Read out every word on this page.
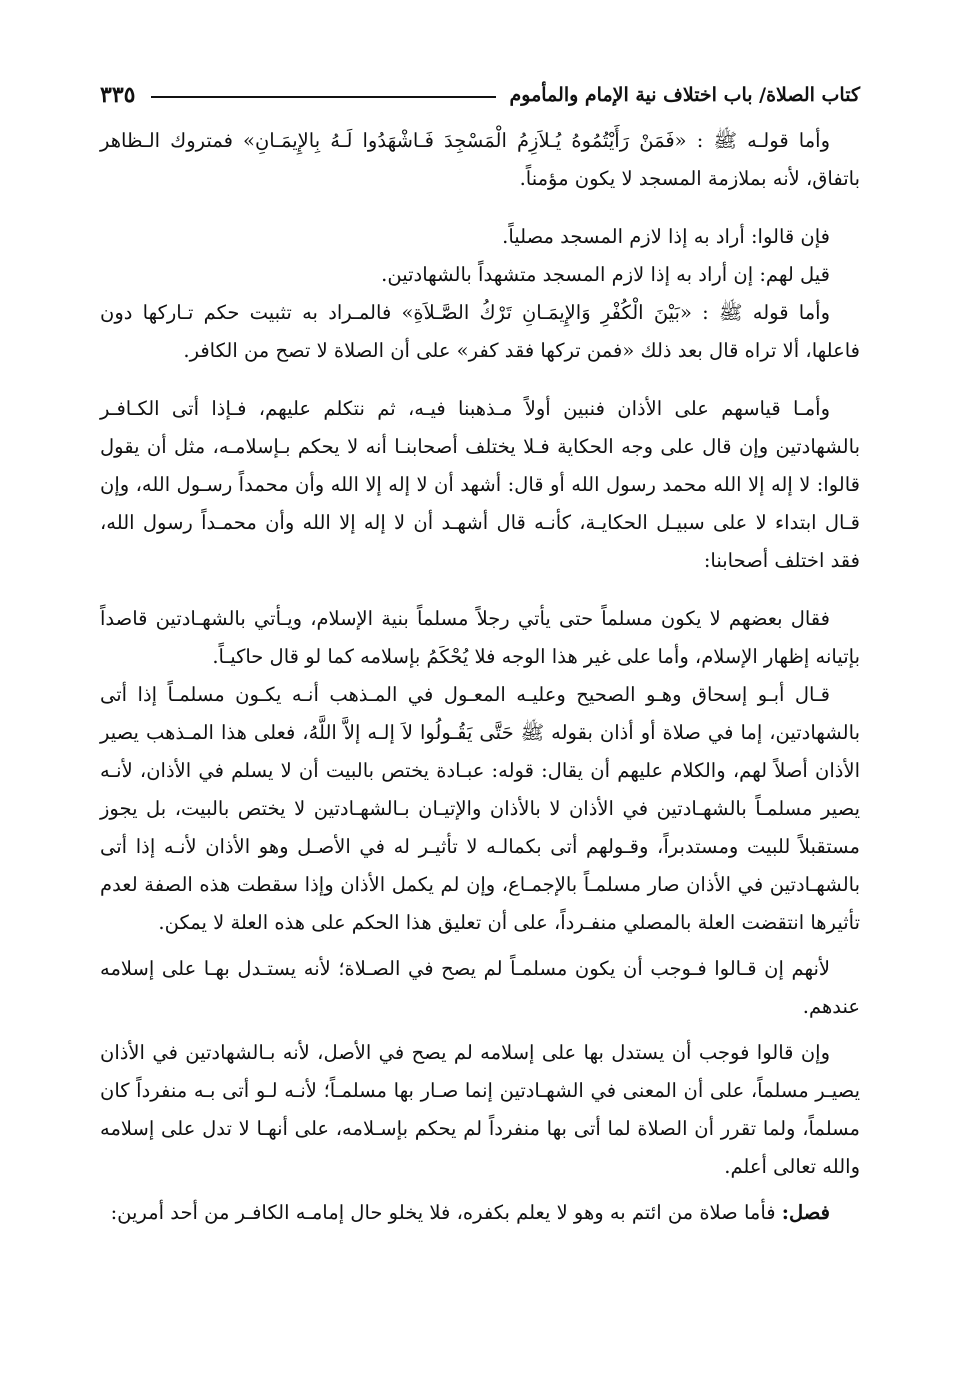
كتاب الصلاة/ باب اختلاف نية الإمام والمأموم
٣٣٥

وأما قولـه ﷺ : «فَمَنْ رَأَيْتُمُوهُ يُـلاَزِمُ الْمَسْجِدَ فَـاشْهَدُوا لَـهُ بِالإِيمَـانِ» فمتروك الـظاهر باتفاق، لأنه بملازمة المسجد لا يكون مؤمناً.

فإن قالوا: أراد به إذا لازم المسجد مصلياً.

قيل لهم: إن أراد به إذا لازم المسجد متشهداً بالشهادتين.

وأما قوله ﷺ : «بَيْنَ الْكُفْرِ وَالإِيمَـانِ تَرْكُ الصَّـلاَةِ» فالمـراد به تثبيت حكم تـاركها دون فاعلها، ألا تراه قال بعد ذلك «فمن تركها فقد كفر» على أن الصلاة لا تصح من الكافر.

وأمـا قياسهم على الأذان فنبين أولاً مـذهبنا فيـه، ثم نتكلم عليهم، فـإذا أتى الكـافـر بالشهادتين وإن قال على وجه الحكاية فـلا يختلف أصحابنـا أنه لا يحكم بـإسلامـه، مثل أن يقول قالوا: لا إله إلا الله محمد رسول الله أو قال: أشهد أن لا إله إلا الله وأن محمداً رسـول الله، وإن قـال ابتداء لا على سبيـل الحكايـة، كأنـه قال أشهـد أن لا إله إلا الله وأن محمـداً رسول الله، فقد اختلف أصحابنا:

فقال بعضهم لا يكون مسلماً حتى يأتي رجلاً مسلماً بنية الإسلام، ويـأتي بالشهـادتين قاصداً بإتيانه إظهار الإسلام، وأما على غير هذا الوجه فلا يُحْكَمُ بإسلامه كما لو قال حاكيـاً.

قـال أبـو إسحاق وهـو الصحيح وعليـه المعـول في المـذهب أنـه يكـون مسلمـاً إذا أتى بالشهادتين، إما في صلاة أو أذان بقوله ﷺ حَتَّى يَقُـولُوا لاَ إلـه إلاَّ اللَّهُ، فعلى هذا المـذهب يصير الأذان أصلاً لهم، والكلام عليهم أن يقال: قوله: عبـادة يختص بالبيت أن لا يسلم في الأذان، لأنـه يصير مسلمـاً بالشهـادتين في الأذان لا بالأذان والإتيـان بـالشهـادتين لا يختص بالبيت، بل يجوز مستقبلاً للبيت ومستدبراً، وقـولهم أتى بكمالـه لا تأثيـر له في الأصـل وهو الأذان لأنـه إذا أتى بالشهـادتين في الأذان صار مسلمـاً بالإجمـاع، وإن لم يكمل الأذان وإذا سقطت هذه الصفة لعدم تأثيرها انتقضت العلة بالمصلي منفـرداً، على أن تعليق هذا الحكم على هذه العلة لا يمكن.

لأنهم إن قـالوا فـوجب أن يكون مسلمـاً لم يصح في الصـلاة؛ لأنه يستـدل بهـا على إسلامه عندهم.

وإن قالوا فوجب أن يستدل بها على إسلامه لم يصح في الأصل، لأنه بـالشهادتين في الأذان يصيـر مسلماً، على أن المعنى في الشهـادتين إنما صـار بها مسلمـاً؛ لأنـه لـو أتى بـه منفرداً كان مسلماً، ولما تقرر أن الصلاة لما أتى بها منفرداً لم يحكم بإسـلامه، على أنهـا لا تدل على إسلامه والله تعالى أعلم.

فصل: فأما صلاة من ائتم به وهو لا يعلم بكفره، فلا يخلو حال إمامـه الكافـر من أحد أمرين:
